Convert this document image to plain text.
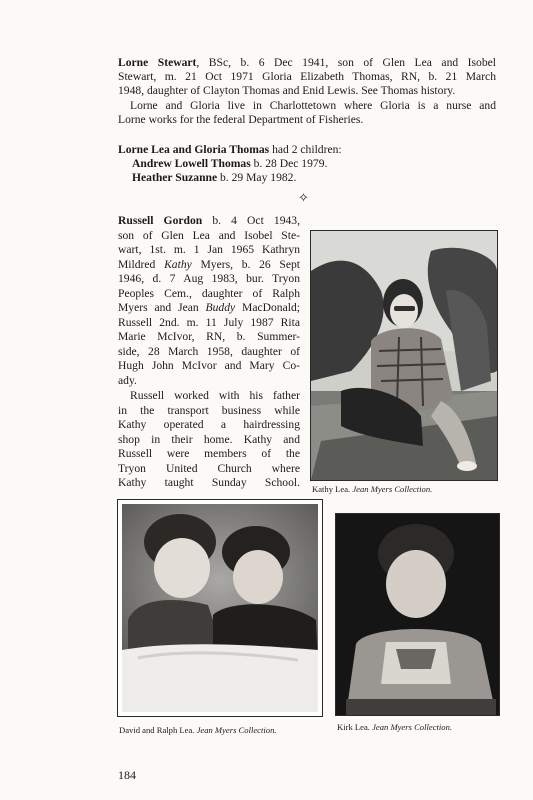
Lorne Stewart, BSc, b. 6 Dec 1941, son of Glen Lea and Isobel

Stewart, m. 21 Oct 1971 Gloria Elizabeth Thomas, RN, b. 21 March

1948, daughter of Clayton Thomas and Enid Lewis. See Thomas history.

Lorne and Gloria live in Charlottetown where Gloria is a nurse and

Lorne works for the federal Department of Fisheries.

Lorne Lea and Gloria Thomas had 2 children:

Andrew Lowell Thomas b. 28 Dec 1979.

Heather Suzanne b. 29 May 1982.

✧

Russell Gordon b. 4 Oct 1943,

son of Glen Lea and Isobel Ste-

wart, 1st. m. 1 Jan 1965 Kathryn

Mildred Kathy Myers, b. 26 Sept

1946, d. 7 Aug 1983, bur. Tryon

Peoples Cem., daughter of Ralph

Myers and Jean Buddy MacDonald;

Russell 2nd. m. 11 July 1987 Rita

Marie McIvor, RN, b. Summer-

side, 28 March 1958, daughter of

Hugh John McIvor and Mary Co-

ady.

Russell worked with his father

in the transport business while

Kathy operated a hairdressing

shop in their home. Kathy and

Russell were members of the

Tryon United Church where

Kathy taught Sunday School. Kathy Lea. Jean Myers Collection.
David and Ralph Lea. Jean Myers Collection.	Kirk Lea. Jean Myers Collection.
184
